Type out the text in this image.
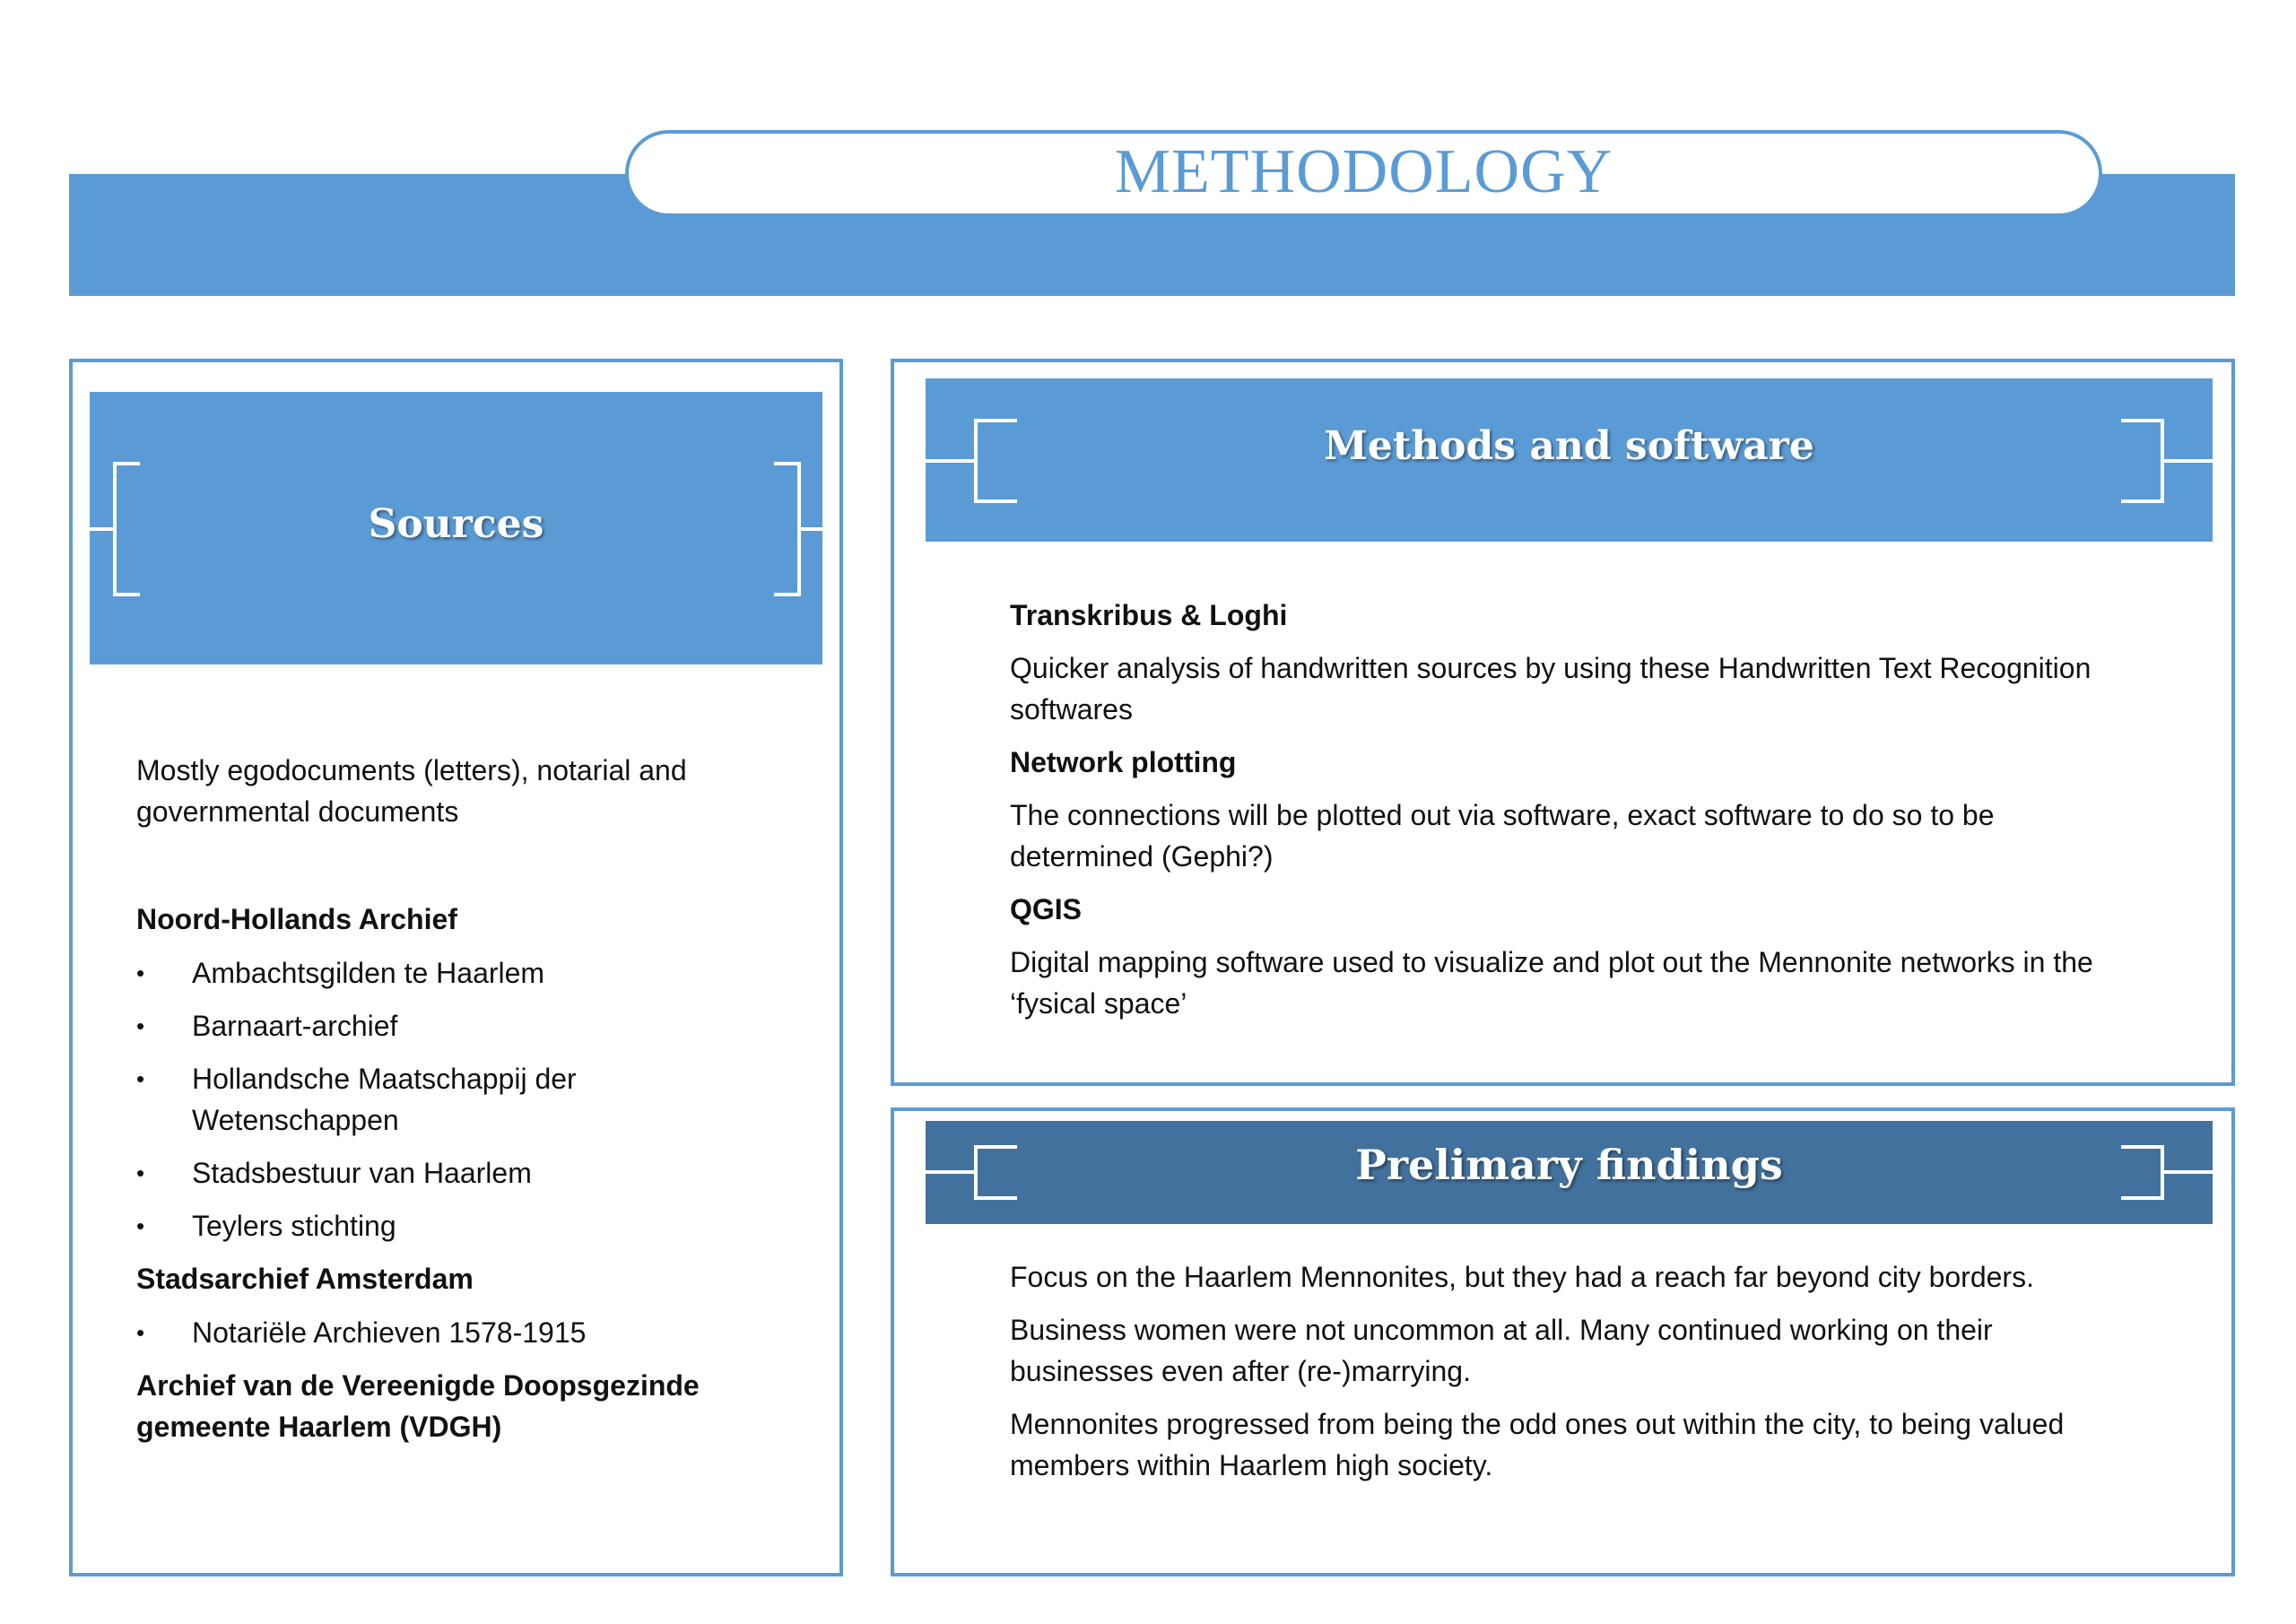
METHODOLOGY
Sources

Mostly egodocuments (letters), notarial and governmental documents

Noord-Hollands Archief

• Ambachtsgilden te Haarlem
• Barnaart-archief
• Hollandsche Maatschappij der Wetenschappen
• Stadsbestuur van Haarlem
• Teylers stichting

Stadsarchief Amsterdam

• Notariële Archieven 1578-1915

Archief van de Vereenigde Doopsgezinde gemeente Haarlem (VDGH)

Methods and software

Transkribus & Loghi

Quicker analysis of handwritten sources by using these Handwritten Text Recognition softwares

Network plotting

The connections will be plotted out via software, exact software to do so to be determined (Gephi?)

QGIS

Digital mapping software used to visualize and plot out the Mennonite networks in the ‘fysical space’

Prelimary findings

Focus on the Haarlem Mennonites, but they had a reach far beyond city borders.

Business women were not uncommon at all. Many continued working on their businesses even after (re-)marrying.

Mennonites progressed from being the odd ones out within the city, to being valued members within Haarlem high society.
